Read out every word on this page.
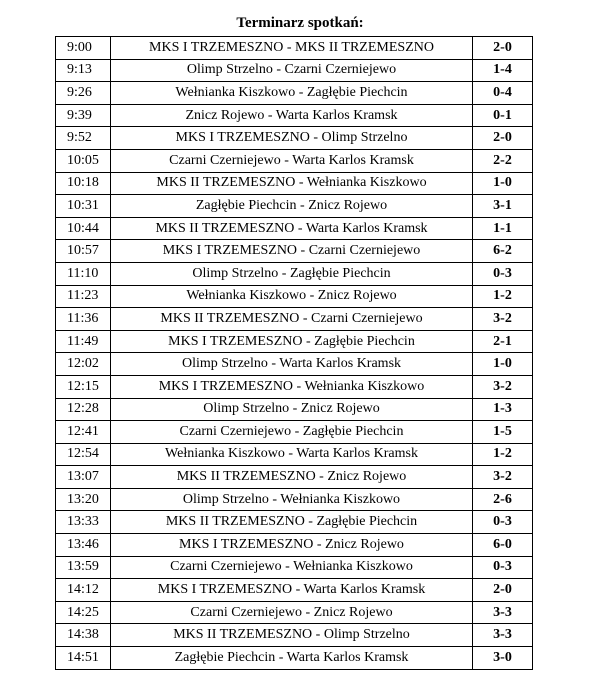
Terminarz spotkań:
9:00	MKS I TRZEMESZNO - MKS II TRZEMESZNO	2-0
9:13	Olimp Strzelno - Czarni Czerniejewo	1-4
9:26	Wełnianka Kiszkowo - Zagłębie Piechcin	0-4
9:39	Znicz Rojewo - Warta Karlos Kramsk	0-1
9:52	MKS I TRZEMESZNO - Olimp Strzelno	2-0
10:05	Czarni Czerniejewo - Warta Karlos Kramsk	2-2
10:18	MKS II TRZEMESZNO - Wełnianka Kiszkowo	1-0
10:31	Zagłębie Piechcin - Znicz Rojewo	3-1
10:44	MKS II TRZEMESZNO - Warta Karlos Kramsk	1-1
10:57	MKS I TRZEMESZNO - Czarni Czerniejewo	6-2
11:10	Olimp Strzelno - Zagłębie Piechcin	0-3
11:23	Wełnianka Kiszkowo - Znicz Rojewo	1-2
11:36	MKS II TRZEMESZNO - Czarni Czerniejewo	3-2
11:49	MKS I TRZEMESZNO - Zagłębie Piechcin	2-1
12:02	Olimp Strzelno - Warta Karlos Kramsk	1-0
12:15	MKS I TRZEMESZNO - Wełnianka Kiszkowo	3-2
12:28	Olimp Strzelno - Znicz Rojewo	1-3
12:41	Czarni Czerniejewo - Zagłębie Piechcin	1-5
12:54	Wełnianka Kiszkowo - Warta Karlos Kramsk	1-2
13:07	MKS II TRZEMESZNO - Znicz Rojewo	3-2
13:20	Olimp Strzelno - Wełnianka Kiszkowo	2-6
13:33	MKS II TRZEMESZNO - Zagłębie Piechcin	0-3
13:46	MKS I TRZEMESZNO - Znicz Rojewo	6-0
13:59	Czarni Czerniejewo - Wełnianka Kiszkowo	0-3
14:12	MKS I TRZEMESZNO - Warta Karlos Kramsk	2-0
14:25	Czarni Czerniejewo - Znicz Rojewo	3-3
14:38	MKS II TRZEMESZNO - Olimp Strzelno	3-3
14:51	Zagłębie Piechcin - Warta Karlos Kramsk	3-0
